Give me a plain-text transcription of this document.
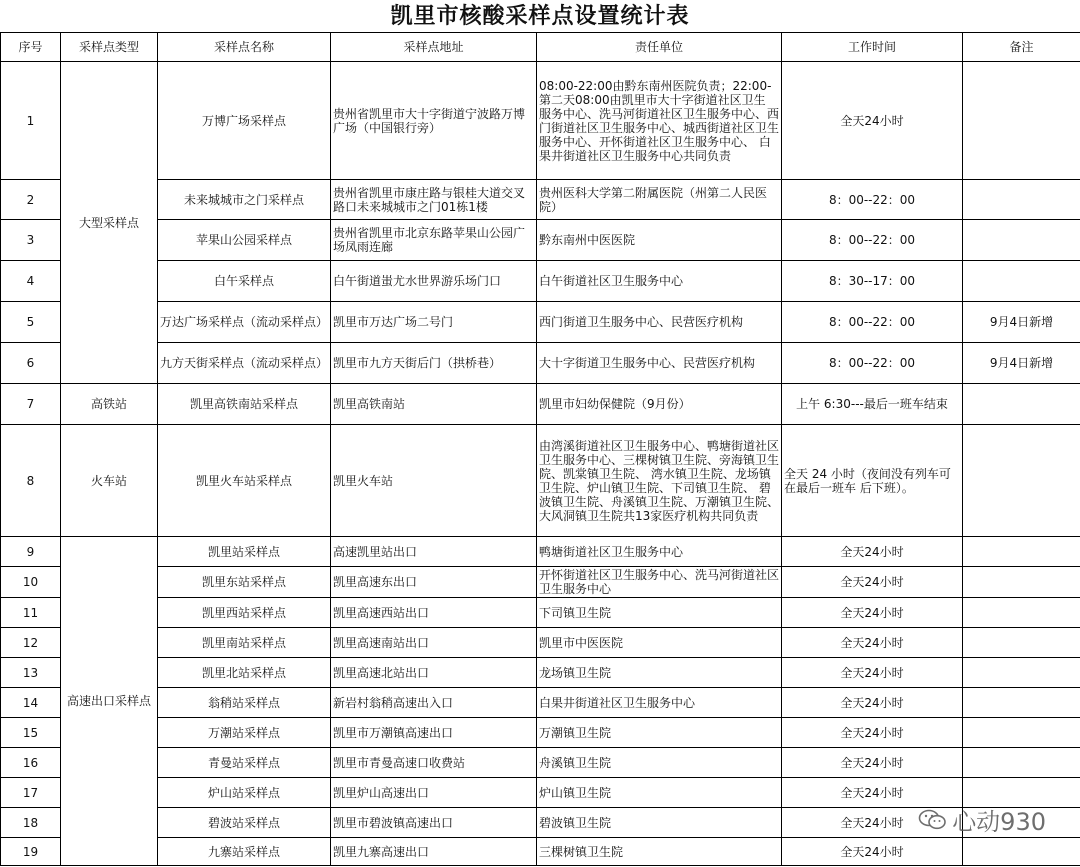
凯里市核酸采样点设置统计表
序号	采样点类型	采样点名称	采样点地址	责任单位	工作时间	备注
1	大型采样点	万博广场采样点	贵州省凯里市大十字街道宁波路万博广场（中国银行旁）	08:00-22:00由黔东南州医院负责；22:00-第二天08:00由凯里市大十字街道社区卫生 服务中心、洗马河街道社区卫生服务中心、西门街道社区卫生服务中心、城西街道社区卫生服务中心、开怀街道社区卫生服务中心、 白果井街道社区卫生服务中心共同负责	全天24小时	
2		未来城城市之门采样点	贵州省凯里市康庄路与银桂大道交叉路口未来城城市之门01栋1楼	贵州医科大学第二附属医院（州第二人民医院）	8：00--22：00	
3		苹果山公园采样点	贵州省凯里市北京东路苹果山公园广场凤雨连廊	黔东南州中医医院	8：00--22：00	
4		白午采样点	白午街道蚩尤水世界游乐场门口	白午街道社区卫生服务中心	8：30--17：00	
5		万达广场采样点（流动采样点）	凯里市万达广场二号门	西门街道卫生服务中心、民营医疗机构	8：00--22：00	9月4日新增
6		九方天街采样点（流动采样点）	凯里市九方天街后门（拱桥巷）	大十字街道卫生服务中心、民营医疗机构	8：00--22：00	9月4日新增
7	高铁站	凯里高铁南站采样点	凯里高铁南站	凯里市妇幼保健院（9月份）	上午 6:30---最后一班车结束	
8	火车站	凯里火车站采样点	凯里火车站	由湾溪街道社区卫生服务中心、鸭塘街道社区 卫生服务中心、三棵树镇卫生院、旁海镇卫生院、凯棠镇卫生院、 湾水镇卫生院、龙场镇卫生院、炉山镇卫生院、下司镇卫生院、 碧波镇卫生院、舟溪镇卫生院、万潮镇卫生院、大风洞镇卫生院共13家医疗机构共同负责	全天 24 小时（夜间没有列车可在最后一班车 后下班）。	
9	高速出口采样点	凯里站采样点	高速凯里站出口	鸭塘街道社区卫生服务中心	全天24小时	
10		凯里东站采样点	凯里高速东出口	开怀街道社区卫生服务中心、洗马河街道社区卫生服务中心	全天24小时	
11		凯里西站采样点	凯里高速西站出口	下司镇卫生院	全天24小时	
12		凯里南站采样点	凯里高速南站出口	凯里市中医医院	全天24小时	
13		凯里北站采样点	凯里高速北站出口	龙场镇卫生院	全天24小时	
14		翁稍站采样点	新岩村翁稍高速出入口	白果井街道社区卫生服务中心	全天24小时	
15		万潮站采样点	凯里市万潮镇高速出口	万潮镇卫生院	全天24小时	
16		青曼站采样点	凯里市青曼高速口收费站	舟溪镇卫生院	全天24小时	
17		炉山站采样点	凯里炉山高速出口	炉山镇卫生院	全天24小时	
18		碧波站采样点	凯里市碧波镇高速出口	碧波镇卫生院	全天24小时	
19		九寨站采样点	凯里九寨高速出口	三棵树镇卫生院	全天24小时	
心动930
